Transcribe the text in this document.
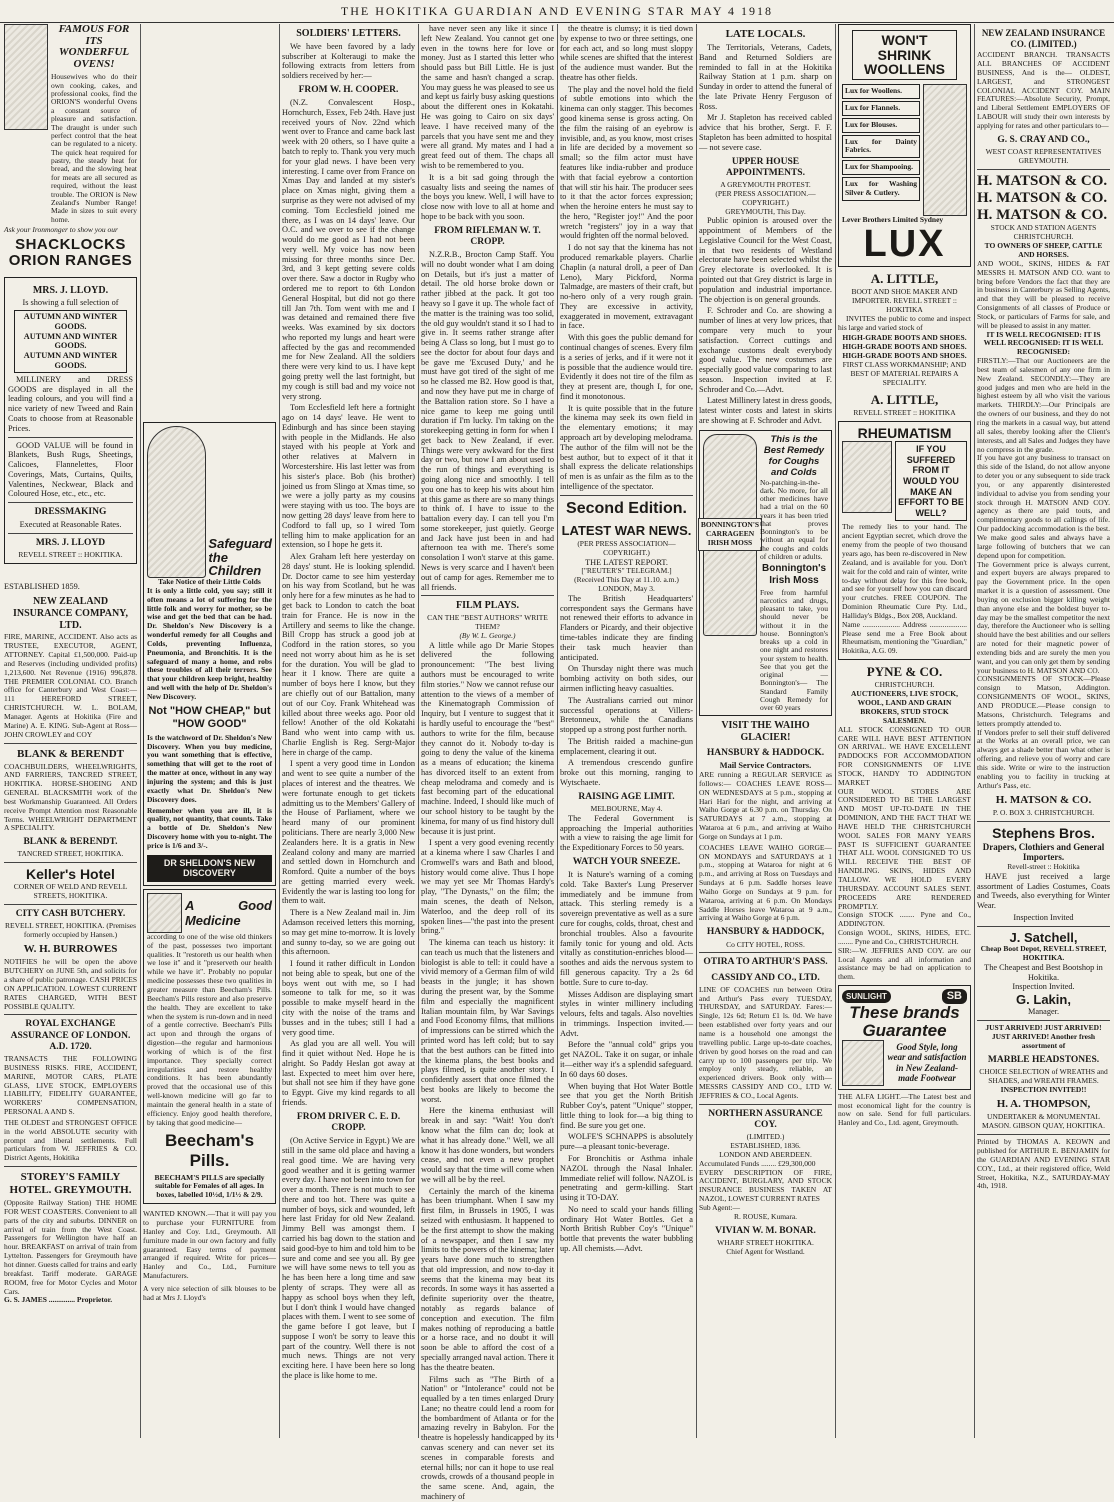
THE HOKITIKA GUARDIAN AND EVENING STAR MAY 4 1918
FAMOUS FOR ITS WONDERFUL OVENS!
Housewives who do their own cooking, cakes, and professional cooks, find the ORION'S wonderful Ovens a constant source of pleasure and satisfaction. The draught is under such perfect control that the heat can be regulated to a nicety. The quick heat required for pastry, the steady heat for bread, and the slowing heat for meats are all secured as required, without the least trouble. The ORION is New Zealand's Number Range! Made in sizes to suit every home.
Ask your Ironmonger to show you our
SHACKLOCKS ORION RANGES
MRS. J. LLOYD.
Is showing a full selection of
AUTUMN AND WINTER GOODS.
AUTUMN AND WINTER GOODS.
AUTUMN AND WINTER GOODS.
MILLINERY and DRESS GOODS are displayed in all the leading colours, and you will find a nice variety of new Tweed and Rain Coats to choose from at Reasonable Prices.
GOOD VALUE will be found in Blankets, Bush Rugs, Sheetings, Calicoes, Flannelettes, Floor Coverings, Mats, Curtains, Quilts, Valentines, Neckwear, Black and Coloured Hose, etc., etc., etc.
DRESSMAKING
Executed at Reasonable Rates.
MRS. J. LLOYD
REVELL STREET :: HOKITIKA.
ESTABLISHED 1859.
NEW ZEALAND INSURANCE COMPANY, LTD.
FIRE, MARINE, ACCIDENT. Also acts as TRUSTEE, EXECUTOR, AGENT, ATTORNEY. Capital £1,500,000. Paid-up and Reserves (including undivided profits) 1,213,600. Net Revenue (1916) 996,878. THE PREMIER COLONIAL CO. Branch office for Canterbury and West Coast:— 111 HEREFORD STREET, CHRISTCHURCH. W. L. BOLAM, Manager. Agents at Hokitika (Fire and Marine) A. E. KING. Sub-Agent at Ross— JOHN CROWLEY and COY
BLANK & BERENDT
COACHBUILDERS, WHEELWRIGHTS, AND FARRIERS, TANCRED STREET, HOKITIKA. HORSE-SHOEING AND GENERAL BLACKSMITH work of the best Workmanship Guaranteed. All Orders receive Prompt Attention most Reasonable Terms. WHEELWRIGHT DEPARTMENT A SPECIALITY.
BLANK & BERENDT.
TANCRED STREET, HOKITIKA.
Keller's Hotel
CORNER OF WELD AND REVELL STREETS, HOKITIKA.
CITY CASH BUTCHERY.
REVELL STREET, HOKITIKA. (Premises formerly occupied by Hansen.)
W. H. BURROWES
NOTIFIES he will be open the above BUTCHERY on JUNE 5th, and solicits for a share of public patronage. CASH PRICES ON APPLICATION. LOWEST CURRENT RATES CHARGED, WITH BEST POSSIBLE QUALITY.
ROYAL EXCHANGE ASSURANCE OF LONDON. A.D. 1720.
TRANSACTS THE FOLLOWING BUSINESS RISKS. FIRE, ACCIDENT, MARINE, MOTOR CARS, PLATE GLASS, LIVE STOCK, EMPLOYERS LIABILITY, FIDELITY GUARANTEE, WORKERS' COMPENSATION, PERSONAL A AND S.
THE OLDEST and STRONGEST OFFICE in the world ABSOLUTE security with prompt and liberal settlements. Full particulars from W. JEFFRIES & CO. District Agents, Hokitika
STOREY'S FAMILY HOTEL. GREYMOUTH.
(Opposite Railway Station) THE HOME FOR WEST COASTERS. Convenient to all parts of the city and suburbs. DINNER on arrival of train from the West Coast. Passengers for Wellington have half an hour. BREAKFAST on arrival of train from Lyttelton. Passengers for Greymouth have hot dinner. Guests called for trains and early breakfast. Tariff moderate. GARAGE ROOM, free for Motor Cycles and Motor Cars.
G. S. JAMES .............. Proprietor.
Safeguard the Children
Take Notice of their Little Colds
It is only a little cold, you say; still it often means a lot of suffering for the little folk and worry for mother, so be wise and get the bed that can be had. Dr. Sheldon's New Discovery is a wonderful remedy for all Coughs and Colds, preventing Influenza, Pneumonia, and Bronchitis. It is the safeguard of many a home, and robs these troubles of all their terrors. See that your children keep bright, healthy and well with the help of Dr. Sheldon's New Discovery.
Not "HOW CHEAP," but "HOW GOOD"
Is the watchword of Dr. Sheldon's New Discovery. When you buy medicine, you want something that is effective, something that will get to the root of the matter at once, without in any way injuring the system; and this is just exactly what Dr. Sheldon's New Discovery does.
Remember when you are ill, it is quality, not quantity, that counts. Take a bottle of Dr. Sheldon's New Discovery home with you to-night. The price is 1/6 and 3/-.
DR SHELDON'S NEW DISCOVERY
A Good Medicine
according to one of the wise old thinkers of the past, possesses two important qualities. It "restoreth us our health when we lose it" and it "preserveth our health while we have it". Probably no popular medicine possesses these two qualities in greater measure than Beecham's Pills. Beecham's Pills restore and also preserve the health. They are excellent to take when the system is run-down and in need of a gentle corrective. Beecham's Pills act upon and through the organs of digestion—the regular and harmonious working of which is of the first importance. They specially correct irregularities and restore healthy conditions. It has been abundantly proved that the occasional use of this well-known medicine will go far to maintain the general health in a state of efficiency. Enjoy good health therefore, by taking that good medicine—
Beecham's Pills.
BEECHAM'S PILLS are specially suitable for Females of all ages. In boxes, labelled 10½d, 1/1½ & 2/9.
WANTED KNOWN.—That it will pay you to purchase your FURNITURE from Hanley and Coy. Ltd., Greymouth. All furniture made in our own factory and fully guaranteed. Easy terms of payment arranged if required. Write for prices—Hanley and Co., Ltd., Furniture Manufacturers.
A very nice selection of silk blouses to be had at Mrs J. Lloyd's
SOLDIERS' LETTERS.
We have been favored by a lady subscriber at Kolteraugi to make the following extracts from letters from soldiers received by her:—
FROM W. H. COOPER.
(N.Z. Convalescent Hosp., Hornchurch, Essex, Feb 24th. Have just received yours of Nov. 22nd which went over to France and came back last week with 20 others, so I have quite a batch to reply to. Thank you very much for your glad news. I have been very interesting. I came over from France on Xmas Day and landed at my sister's place on Xmas night, giving them a surprise as they were not advised of my coming. Tom Ecclesfield joined me there, as I was on 14 days' leave. Our O.C. and we over to see if the change would do me good as I had not been very well. My voice has now been missing for three months since Dec. 3rd, and 3 kept getting severe colds over there. Saw a doctor in Rugby who ordered me to report to 6th London General Hospital, but did not go there till Jan 7th. Tom went with me and I was detained and remained there five weeks. Was examined by six doctors who reported my lungs and heart were affected by the gas and recommended me for New Zealand. All the soldiers there were very kind to us. I have kept going pretty well the last fortnight, but my cough is still bad and my voice not very strong.
Tom Ecclesfield left here a fortnight ago on 14 days' leave. He went to Edinburgh and has since been staying with people in the Midlands. He also stayed with his people at York and other relatives at Malvern in Worcestershire. His last letter was from his sister's place. Bob (his brother) joined us from Slingo at Xmas time, so we were a jolly party as my cousins were staying with us too. The boys are now getting 28 days' leave from here to Codford to fall up, so I wired Tom telling him to make application for an extension, so I hope he gets it.
Alex Graham left here yesterday on 28 days' stunt. He is looking splendid. Dr. Doctor came to see him yesterday on his way from Scotland, but he was only here for a few minutes as he had to get back to London to catch the boat train for France. He is now in the Artillery and seems to like the change. Bill Cropp has struck a good job at Codford in the ration stores, so you need not worry about him as he is set for the duration. You will be glad to hear it I know. There are quite a number of boys here I know, but they are chiefly out of our Battalion, many out of our Coy. Frank Whitehead was killed about three weeks ago. Poor old fellow! Another of the old Kokatahi Band who went into camp with us. Charlie English is Reg. Sergt-Major here in charge of the camp.
I spent a very good time in London and went to see quite a number of the places of interest and the theatres. We were fortunate enough to get tickets admitting us to the Members' Gallery of the House of Parliament, where we heard many of our prominent politicians. There are nearly 3,000 New Zealanders here. It is a gratis in New Zealand colony and many are married and settled down in Hornchurch and Romford. Quite a number of the boys are getting married every week. Evidently the war is lasting too long for them to wait.
There is a New Zealand mail in. Jim Adamson received letters this morning, so may get mine to-morrow. It is lovely and sunny to-day, so we are going out this afternoon.
I found it rather difficult in London not being able to speak, but one of the boys went out with me, so I had someone to talk for me, so it was possible to make myself heard in the city with the noise of the trams and busses and in the tubes; still I had a very good time.
As glad you are all well. You will find it quiet without Ned. Hope he is alright. So Paddy Heslan got away at last. Expected to meet him over here, but shall not see him if they have gone to Egypt. Give my kind regards to all friends.
FROM DRIVER C. E. D. CROPP.
(On Active Service in Egypt.) We are still in the same old place and having a real good time. We are having very good weather and it is getting warmer every day. I have not been into town for over a month. There is not much to see there and too hot. There was quite a number of boys, sick and wounded, left here last Friday for old New Zealand. Jimmy Bell was amongst them. I carried his bag down to the station and said good-bye to him and told him to be sure and come and see you all. By gee we will have some news to tell you as he has been here a long time and saw plenty of scraps. They were all as happy as school boys when they left, but I don't think I would have changed places with them. I went to see some of the game before I got leave, but I suppose I won't be sorry to leave this part of the country. Well there is not much news. Things are not very exciting here. I have been here so long the place is like home to me.
have never seen any like it since I left New Zealand. You cannot get one even in the towns here for love or money. Just as I started this letter who should pass but Bill Little. He is just the same and hasn't changed a scrap. You may guess he was pleased to see us and kept us fairly busy asking questions about the different ones in Kokatahi. He was going to Cairo on six days' leave. I have received many of the parcels that you have sent me and they were all grand. My mates and I had a great feed out of them. The chaps all wish to be remembered to you.
It is a bit sad going through the casualty lists and seeing the names of the boys you knew. Well, I will have to close now with love to all at home and hope to be back with you soon.
FROM RIFLEMAN W. T. CROPP.
N.Z.R.B., Brocton Camp Staff. You will no doubt wonder what I am doing on Details, but it's just a matter of detail. The old horse broke down or rather jibbed at the pack. It got too heavy so I gave it up. The whole fact of the matter is the training was too solid, the old guy wouldn't stand it so I had to give in. It seems rather strange after being A Class so long, but I must go to see the doctor for about four days and be gave me 'Excused Duty,' and he must have got tired of the sight of me so he classed me B2. How good is that, and now they have put me in charge of the Battalion ration store. So I have a nice game to keep me going until duration if I'm lucky. I'm taking on the storekeeping getting in form for when I get back to New Zealand, if ever. Things were very awkward for the first day or two, but now I am about used to the run of things and everything is going along nice and smoothly. I tell you one has to keep his wits about him at this game as there are so many things to think of. I have to issue to the battalion every day. I can tell you I'm some storekeeper, just quietly. George and Jack have just been in and had afternoon tea with me. There's some consolation I won't starve at this game. News is very scarce and I haven't been out of camp for ages. Remember me to all friends.
FILM PLAYS.
CAN THE "BEST AUTHORS" WRITE THEM?
(By W. L. George.)
A little while ago Dr Marie Stopes delivered the following pronouncement: "The best living authors must be encouraged to write film stories." Now we cannot refuse our attention to the views of a member of the Kinematograph Commission of Inquiry, but I venture to suggest that it is hardly useful to encourage the "best" authors to write for the film, because they cannot do it. Nobody to-day is going to deny the value of the kinema as a means of education; the kinema has divorced itself to an extent from cheap melodrama and comedy and is fast becoming part of the educational machine. Indeed, I should like much of our school history to be taught by the kinema, for many of us find history dull because it is just print.
I spent a very good evening recently at a kinema where I saw Charles I and Cromwell's wars and Bath and blood, history would come alive. Thus I hope we may yet see Mr Thomas Hardy's play, "The Dynasts," on the film; the main scenes, the death of Nelson, Waterloo, and the deep roll of its spoken lines—"the past into the present bring."
The kinema can teach us history: it can teach us much that the listeners and biologist is able to tell: it could have a vivid memory of a German film of wild beasts in the jungle; it has shown during the present war, by the Somme film and especially the magnificent Italian mountain film, by War Savings and Food Economy films, that millions of impressions can be stirred which the printed word has left cold; but to say that the best authors can be fitted into the kinema plans, the best books and plays filmed, is quite another story. I confidently assert that once filmed the best books are likely to become the worst.
Here the kinema enthusiast will break in and say: "Wait! You don't know what the film can do; look at what it has already done." Well, we all know it has done wonders, but wonders cease, and not even a new prophet would say that the time will come when we will all be by the reel.
Certainly the march of the kinema has been triumphant. When I saw my first film, in Brussels in 1905, I was seized with enthusiasm. It happened to be the first attempt to show the making of a newspaper, and then I saw my limits to the powers of the kinema; later years have done much to strengthen that old impression, and now to-day it seems that the kinema may beat its records. In some ways it has asserted a definite superiority over the theatre, notably as regards balance of conception and execution. The film makes nothing of reproducing a battle or a horse race, and no doubt it will soon be able to afford the cost of a specially arranged naval action. There it has the theatre beaten.
Films such as "The Birth of a Nation" or "Intolerance" could not be equalled by a ten times enlarged Drury Lane; no theatre could lend a room for the bombardment of Atlanta or for the amazing revelry in Babylon. For the theatre is hopelessly handicapped by its canvas scenery and can never set its scenes in comparable forests and eternal hills; nor can it hope to use real crowds, crowds of a thousand people in the same scene. And, again, the machinery of
the theatre is clumsy; it is tied down by expense to two or three settings, one for each act, and so long must sloppy while scenes are shifted that the interest of the audience must wander. But the theatre has other fields.
The play and the novel hold the field of subtle emotions into which the kinema can only stagger. This becomes good kinema sense is gross acting. On the film the raising of an eyebrow is invisible, and, as you know, most crises in life are decided by a movement so small; so the film actor must have features like india-rubber and produce with that facial eyebrow a contortion that will stir his hair. The producer sees to it that the actor forces expression; when the heroine enters he must say to the hero, "Register joy!" And the poor wretch "registers" joy in a way that would frighten off the normal beloved.
I do not say that the kinema has not produced remarkable players. Charlie Chaplin (a natural droll, a peer of Dan Leno), Mary Pickford, Norma Talmadge, are masters of their craft, but no-hero only of a very rough grain. They are excessive in activity, exaggerated in movement, extravagant in face.
With this goes the public demand for continual changes of scenes. Every film is a series of jerks, and if it were not it is possible that the audience would tire. Evidently it does not tire of the film as they at present are, though I, for one, find it monotonous.
It is quite possible that in the future the kinema may seek its own field in the elementary emotions; it may approach art by developing melodrama. The author of the film will not be the best author, but to expect of it that it shall express the delicate relationships of men is as unfair as the film as to the intelligence of the spectator.
Second Edition.
LATEST WAR NEWS.
(PER PRESS ASSOCIATION—COPYRIGHT.)
THE LATEST REPORT.
["REUTER'S" TELEGRAM.]
(Received This Day at 11.10. a.m.) LONDON, May 3.
The British Headquarters' correspondent says the Germans have not renewed their efforts to advance in Flanders or Picardy, and their objective time-tables indicate they are finding their task much heavier than anticipated.
On Thursday night there was much bombing activity on both sides, our airmen inflicting heavy casualties.
The Australians carried out minor successful operations at Villers-Bretonneux, while the Canadians stopped up a strong post further north.
The British raided a machine-gun emplacement, clearing it out.
A tremendous crescendo gunfire broke out this morning, ranging to Wytschaete.
RAISING AGE LIMIT.
MELBOURNE, May 4.
The Federal Government is approaching the Imperial authorities with a view to raising the age limit for the Expeditionary Forces to 50 years.
WATCH YOUR SNEEZE.
It is Nature's warning of a coming cold. Take Baxter's Lung Preserver immediately and be immune from attack. This sterling remedy is a sovereign preventative as well as a sure cure for coughs, colds, throat, chest and bronchial troubles. Also a favourite family tonic for young and old. Acts vitally as constitution-enriches blood—soothes and aids the nervous system to fill generous capacity. Try a 2s 6d bottle. Sure to cure to-day.
Misses Addison are displaying smart styles in winter millinery including velours, felts and tagals. Also novelties in trimmings. Inspection invited.—Advt.
Before the "annual cold" grips you get NAZOL. Take it on sugar, or inhale it—either way it's a splendid safeguard. In 60 days 60 doses.
When buying that Hot Water Bottle see that you get the North British Rubber Coy's, patent "Unique" stopper, little thing to look for—a big thing to find. Be sure you get one.
WOLFE'S SCHNAPPS is absolutely pure—a pleasant tonic-beverage.
For Bronchitis or Asthma inhale NAZOL through the Nasal Inhaler. Immediate relief will follow. NAZOL is penetrating and germ-killing. Start using it TO-DAY.
No need to scald your hands filling ordinary Hot Water Bottles. Get a North British Rubber Coy's "Unique" bottle that prevents the water bubbling up. All chemists.—Advt.
LATE LOCALS.
The Territorials, Veterans, Cadets, Band and Returned Soldiers are reminded to fall in at the Hokitika Railway Station at 1 p.m. sharp on Sunday in order to attend the funeral of the late Private Henry Ferguson of Ross.
Mr J. Stapleton has received cabled advice that his brother, Sergt. F. F. Stapleton has been admitted to hospital — not severe case.
UPPER HOUSE APPOINTMENTS.
A GREYMOUTH PROTEST.
(PER PRESS ASSOCIATION.—COPYRIGHT.)
GREYMOUTH, This Day.
Public opinion is aroused over the appointment of Members of the Legislative Council for the West Coast, in that two residents of Westland electorate have been selected whilst the Grey electorate is overlooked. It is pointed out that Grey district is large in population and industrial importance. The objection is on general grounds.
F. Schroder and Co. are showing a number of lines at very low prices, that compare very much to your satisfaction. Correct cuttings and exchange customs dealt everybody good value. The new costumes are especially good value comparing to last season. Inspection invited at F. Schroder and Co.—Advt.
Latest Millinery latest in dress goods, latest winter costs and latest in skirts are showing at F. Schroder and Advt.
BONNINGTON'S CARRAGEEN IRISH MOSS
This is the Best Remedy for Coughs and Colds
No-patching-in-the-dark. No more, for all other medicines have had a trial on the 60 years it has been tried that proves Bonnington's to be without an equal for the coughs and colds of children or adults.
Bonnington's Irish Moss
Free from harmful narcotics and drugs, pleasant to take, you should never be without it in the house. Bonnington's breaks up a cold in one night and restores your system to health. See that you get the original — Bonnington's— The Standard Family Cough Remedy for over 60 years
VISIT THE WAIHO GLACIER!
HANSBURY & HADDOCK.
Mail Service Contractors.
ARE running a REGULAR SERVICE as follows:— COACHES LEAVE ROSS— ON WEDNESDAYS at 5 p.m., stopping at Hari Hari for the night, and arriving at Waiho Gorge at 6.30 p.m. on Thursday. On SATURDAYS at 7 a.m., stopping at Wataroa at 6 p.m., and arriving at Waiho Gorge on Sundays at 1 p.m.
COACHES LEAVE WAIHO GORGE— ON MONDAYS and SATURDAYS at 1 p.m., stopping at Wataroa for night at 6 p.m., and arriving at Ross on Tuesdays and Sundays at 6 p.m. Saddle horses leave Waiho Gorge on Sundays at 9 p.m. for Wataroa, arriving at 6 p.m. On Mondays Saddle Horses leave Wataroa at 9 a.m., arriving at Waiho Gorge at 6 p.m.
HANSBURY & HADDOCK,
Co CITY HOTEL, ROSS.
OTIRA TO ARTHUR'S PASS.
CASSIDY AND CO., LTD.
LINE OF COACHES run between Otira and Arthur's Pass every TUESDAY, THURSDAY, and SATURDAY. Fares:—Single, 12s 6d; Return £1 ls. 0d. We have been established over forty years and our name is a household one amongst the travelling public. Large up-to-date coaches, driven by good horses on the road and can carry up to 100 passengers per trip. We employ only steady, reliable, an experienced drivers. Book only with— MESSRS CASSIDY AND CO., LTD W. JEFFRIES & CO., Local Agents.
NORTHERN ASSURANCE COY.
(LIMITED.)
ESTABLISHED, 1836.
LONDON AND ABERDEEN.
Accumulated Funds ........ £29,300,000
EVERY DESCRIPTION OF FIRE, ACCIDENT, BURGLARY, AND STOCK INSURANCE BUSINESS TAKEN AT NAZOL, LOWEST CURRENT RATES
Sub Agent:—
R. ROUSE, Kumara.
VIVIAN W. M. BONAR.
WHARF STREET HOKITIKA.
Chief Agent for Westland.
WON'T SHRINK WOOLLENS
Lux for Woollens.
Lux for Flannels.
Lux for Blouses.
Lux for Dainty Fabrics.
Lux for Shampooing.
Lux for Washing Silver & Cutlery.
Lever Brothers Limited Sydney
LUX
A. LITTLE,
BOOT AND SHOE MAKER AND IMPORTER. REVELL STREET :: HOKITIKA
INVITES the public to come and inspect his large and varied stock of
HIGH-GRADE BOOTS AND SHOES. HIGH-GRADE BOOTS AND SHOES. HIGH-GRADE BOOTS AND SHOES.
FIRST CLASS WORKMANSHIP; AND BEST OF MATERIAL REPAIRS A SPECIALITY.
A. LITTLE,
REVELL STREET :: HOKITIKA
RHEUMATISM
IF YOU SUFFERED FROM IT WOULD YOU MAKE AN EFFORT TO BE WELL?
The remedy lies to your hand. The ancient Egyptian secret, which drove the enemy from the people of two thousand years ago, has been re-discovered in New Zealand, and is available for you. Don't wait for the cold and rain of winter, write to-day without delay for this free book, and see for yourself how you can discard your crutches. FREE COUPON. The Dominion Rheumatic Cure Pty. Ltd., Halliday's Bldgs., Box 208, Auckland.
Name .................... Address .................... Please send me a Free Book about Rheumatism, mentioning the "Guardian," Hokitika, A.G. 09.
PYNE & CO.
CHRISTCHURCH.
AUCTIONEERS, LIVE STOCK, WOOL, LAND AND GRAIN BROKERS, STUD STOCK SALESMEN.
ALL STOCK CONSIGNED TO OUR CARE WILL HAVE BEST ATTENTION ON ARRIVAL. WE HAVE EXCELLENT PADDOCKS FOR ACCOMMODATION FOR CONSIGNMENTS OF LIVE STOCK, HANDY TO ADDINGTON MARKET
OUR WOOL STORES ARE CONSIDERED TO BE THE LARGEST AND MOST UP-TO-DATE IN THE DOMINION, AND THE FACT THAT WE HAVE HELD THE CHRISTCHURCH WOOL SALES FOR MANY YEARS PAST IS SUFFICIENT GUARANTEE THAT ALL WOOL CONSIGNED TO US WILL RECEIVE THE BEST OF HANDLING. SKINS, HIDES AND TALLOW. WE HOLD EVERY THURSDAY. ACCOUNT SALES SENT. PROCEEDS ARE RENDERED PROMPTLY.
Consign STOCK ........ Pyne and Co., ADDINGTON.
Consign WOOL, SKINS, HIDES, ETC. ........ Pyne and Co., CHRISTCHURCH.
SIR:—W. JEFFRIES AND COY. are our Local Agents and all information and assistance may be had on application to them.
SUNLIGHT	SB
These brands Guarantee
Good Style, long wear and satisfaction in New Zealand-made Footwear
THE ALFA LIGHT.—The Latest best and most economical light for the country is now on sale. Send for full particulars. Hanley and Co., Ltd. agent, Greymouth.
NEW ZEALAND INSURANCE CO. (LIMITED.)
ACCIDENT BRANCH. TRANSACTS ALL BRANCHES OF ACCIDENT BUSINESS, And is the— OLDEST, LARGEST, and STRONGEST COLONIAL ACCIDENT COY. MAIN FEATURES:—Absolute Security, Prompt, and Liberal Settlement EMPLOYERS OF LABOUR will study their own interests by applying for rates and other particulars to—
G. S. CRAY AND CO.,
WEST COAST REPRESENTATIVES GREYMOUTH.
H. MATSON & CO.
H. MATSON & CO.
H. MATSON & CO.
STOCK AND STATION AGENTS CHRISTCHURCH.
TO OWNERS OF SHEEP, CATTLE AND HORSES.
AND WOOL, SKINS, HIDES & FAT MESSRS H. MATSON AND CO. want to bring before Vendors the fact that they are in business in Canterbury as Selling Agents, and that they will be pleased to receive Consignments of all classes of Produce or Stock, or particulars of Farms for sale, and will be pleased to assist in any matter.
IT IS WELL RECOGNISED: IT IS WELL RECOGNISED: IT IS WELL RECOGNISED:
FIRSTLY:—That our Auctioneers are the best team of salesmen of any one firm in New Zealand. SECONDLY:—They are good judges and men who are held in the highest esteem by all who visit the various markets. THIRDLY:—Our Principals are the owners of our business, and they do not ring the markets in a casual way, but attend all sales, thereby looking after the Client's interests, and all Sales and Judges they have no compress in the grade.
If you have got any business to transact on this side of the Island, do not allow anyone to deter you or any subsequent to side track you, or any apparently disinterested individual to advise you from sending your stock through H. MATSON AND COY. agency as there are paid touts, and complimentary goods to all callings of life. Our paddocking accommodation is the best. We make good sales and always have a large following of butchers that we can depend upon for competition.
The Government price is always current, and expert buyers are always prepared to pay the Government price. In the open market it is a question of assessment. One buying on exclusion bigger killing weight than anyone else and the boldest buyer to-day may be the smallest competitor the next day, therefore the Auctioneer who is selling should have the best abilities and our sellers are noted for their magnetic power of extending bids and are surely the men you want, and you can only get them by sending your business to H. MATSON AND CO.
CONSIGNMENTS OF STOCK—Please consign to Matson, Addington. CONSIGNMENTS OF WOOL, SKINS, AND PRODUCE.—Please consign to Matsons, Christchurch. Telegrams and letters promptly attended to.
If Vendors prefer to sell their stuff delivered at the Works at an overall price, we can always get a shade better than what other is offering, and relieve you of worry and care this side. Write or wire to the instruction enabling you to facility in trucking at Arthur's Pass, etc.
H. MATSON & CO.
P. O. BOX 3. CHRISTCHURCH.
Stephens Bros.
Drapers, Clothiers and General Importers.
Revell-street :: Hokitika
HAVE just received a large assortment of Ladies Costumes, Coats and Tweeds, also everything for Winter Wear.
Inspection Invited
J. Satchell,
Cheap Boot Depot, REVELL STREET, HOKITIKA.
The Cheapest and Best Bootshop in Hokitika.
Inspection Invited.
G. Lakin,
Manager.
JUST ARRIVED! JUST ARRIVED! JUST ARRIVED! Another fresh assortment of
MARBLE HEADSTONES.
CHOICE SELECTION of WREATHS and SHADES, and WREATH FRAMES.
INSPECTION INVITED!!
H. A. THOMPSON,
UNDERTAKER & MONUMENTAL MASON. GIBSON QUAY, HOKITIKA.
Printed by THOMAS A. KEOWN and published for ARTHUR E. BENJAMIN for the GUARDIAN AND EVENING STAR COY., Ltd., at their registered office, Weld Street, Hokitika, N.Z., SATURDAY-MAY 4th, 1918.
